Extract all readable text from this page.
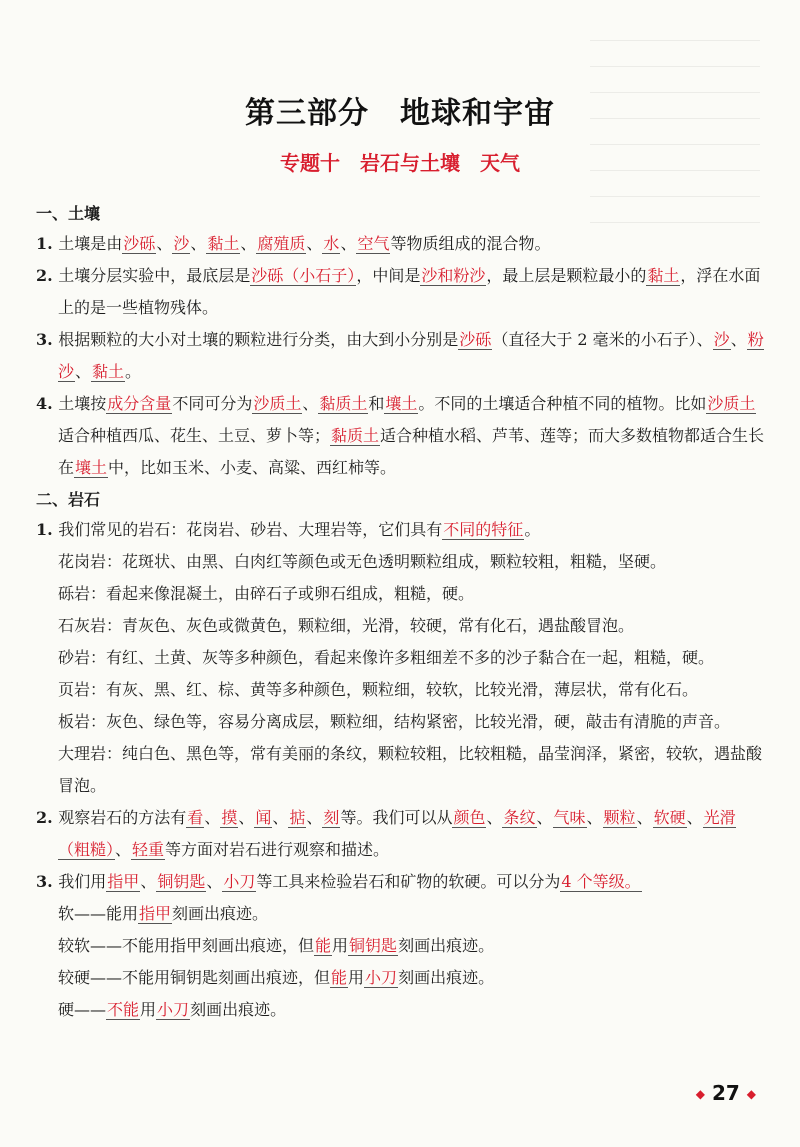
第三部分　地球和宇宙
专题十　岩石与土壤　天气
一、土壤
1. 土壤是由沙砾、沙、黏土、腐殖质、水、空气等物质组成的混合物。
2. 土壤分层实验中，最底层是沙砾（小石子），中间是沙和粉沙，最上层是颗粒最小的黏土，浮在水面上的是一些植物残体。
3. 根据颗粒的大小对土壤的颗粒进行分类，由大到小分别是沙砾（直径大于 2 毫米的小石子）、沙、粉沙、黏土。
4. 土壤按成分含量不同可分为沙质土、黏质土和壤土。不同的土壤适合种植不同的植物。比如沙质土适合种植西瓜、花生、土豆、萝卜等；黏质土适合种植水稻、芦苇、莲等；而大多数植物都适合生长在壤土中，比如玉米、小麦、高粱、西红柿等。
二、岩石
1. 我们常见的岩石：花岗岩、砂岩、大理岩等，它们具有不同的特征。
花岗岩：花斑状、由黑、白肉红等颜色或无色透明颗粒组成，颗粒较粗，粗糙，坚硬。
砾岩：看起来像混凝土，由碎石子或卵石组成，粗糙，硬。
石灰岩：青灰色、灰色或微黄色，颗粒细，光滑，较硬，常有化石，遇盐酸冒泡。
砂岩：有红、土黄、灰等多种颜色，看起来像许多粗细差不多的沙子黏合在一起，粗糙，硬。
页岩：有灰、黑、红、棕、黄等多种颜色，颗粒细，较软，比较光滑，薄层状，常有化石。
板岩：灰色、绿色等，容易分离成层，颗粒细，结构紧密，比较光滑，硬，敲击有清脆的声音。
大理岩：纯白色、黑色等，常有美丽的条纹，颗粒较粗，比较粗糙，晶莹润泽，紧密，较软，遇盐酸冒泡。
2. 观察岩石的方法有看、摸、闻、掂、刻等。我们可以从颜色、条纹、气味、颗粒、软硬、光滑（粗糙）、轻重等方面对岩石进行观察和描述。
3. 我们用指甲、铜钥匙、小刀等工具来检验岩石和矿物的软硬。可以分为4 个等级。
软——能用指甲刻画出痕迹。
较软——不能用指甲刻画出痕迹，但能用铜钥匙刻画出痕迹。
较硬——不能用铜钥匙刻画出痕迹，但能用小刀刻画出痕迹。
硬——不能用小刀刻画出痕迹。
◆ 27 ◆
